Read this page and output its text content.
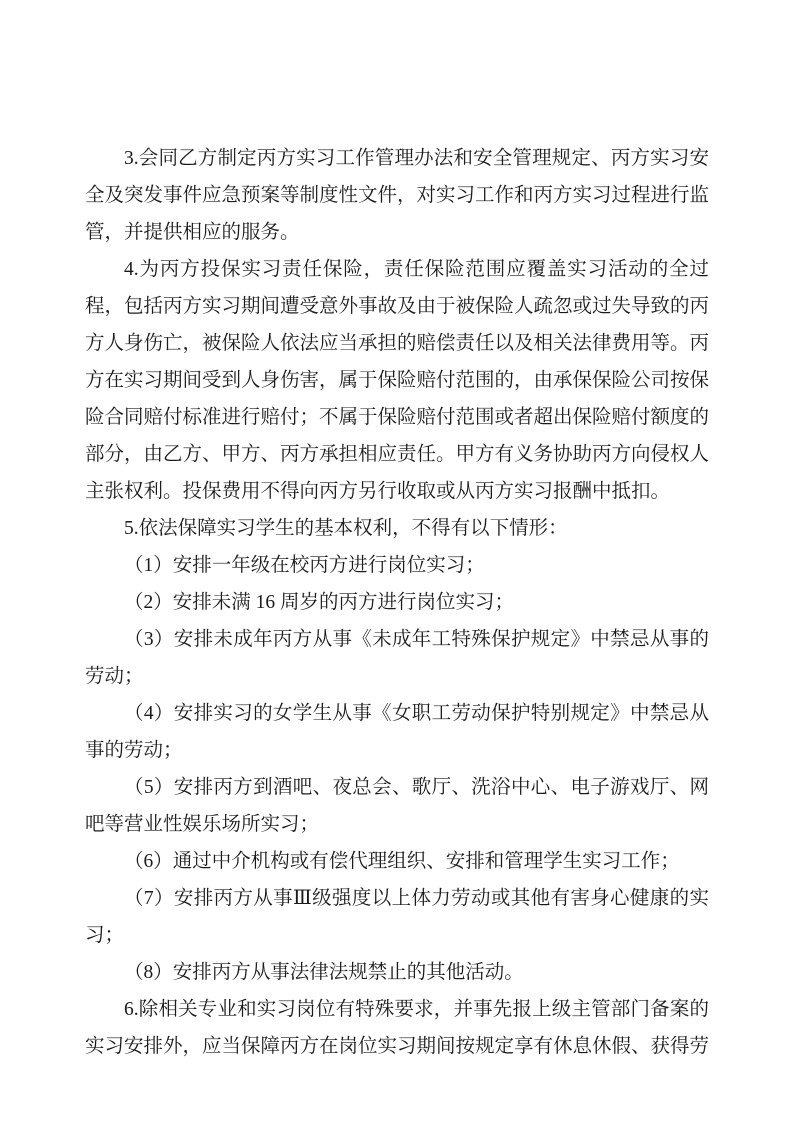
3.会同乙方制定丙方实习工作管理办法和安全管理规定、丙方实习安全及突发事件应急预案等制度性文件，对实习工作和丙方实习过程进行监管，并提供相应的服务。

4.为丙方投保实习责任保险，责任保险范围应覆盖实习活动的全过程，包括丙方实习期间遭受意外事故及由于被保险人疏忽或过失导致的丙方人身伤亡，被保险人依法应当承担的赔偿责任以及相关法律费用等。丙方在实习期间受到人身伤害，属于保险赔付范围的，由承保保险公司按保险合同赔付标准进行赔付；不属于保险赔付范围或者超出保险赔付额度的部分，由乙方、甲方、丙方承担相应责任。甲方有义务协助丙方向侵权人主张权利。投保费用不得向丙方另行收取或从丙方实习报酬中抵扣。

5.依法保障实习学生的基本权利，不得有以下情形：

（1）安排一年级在校丙方进行岗位实习；

（2）安排未满 16 周岁的丙方进行岗位实习；

（3）安排未成年丙方从事《未成年工特殊保护规定》中禁忌从事的劳动；

（4）安排实习的女学生从事《女职工劳动保护特别规定》中禁忌从事的劳动；

（5）安排丙方到酒吧、夜总会、歌厅、洗浴中心、电子游戏厅、网吧等营业性娱乐场所实习；

（6）通过中介机构或有偿代理组织、安排和管理学生实习工作；

（7）安排丙方从事Ⅲ级强度以上体力劳动或其他有害身心健康的实习；

（8）安排丙方从事法律法规禁止的其他活动。

6.除相关专业和实习岗位有特殊要求，并事先报上级主管部门备案的实习安排外，应当保障丙方在岗位实习期间按规定享有休息休假、获得劳
